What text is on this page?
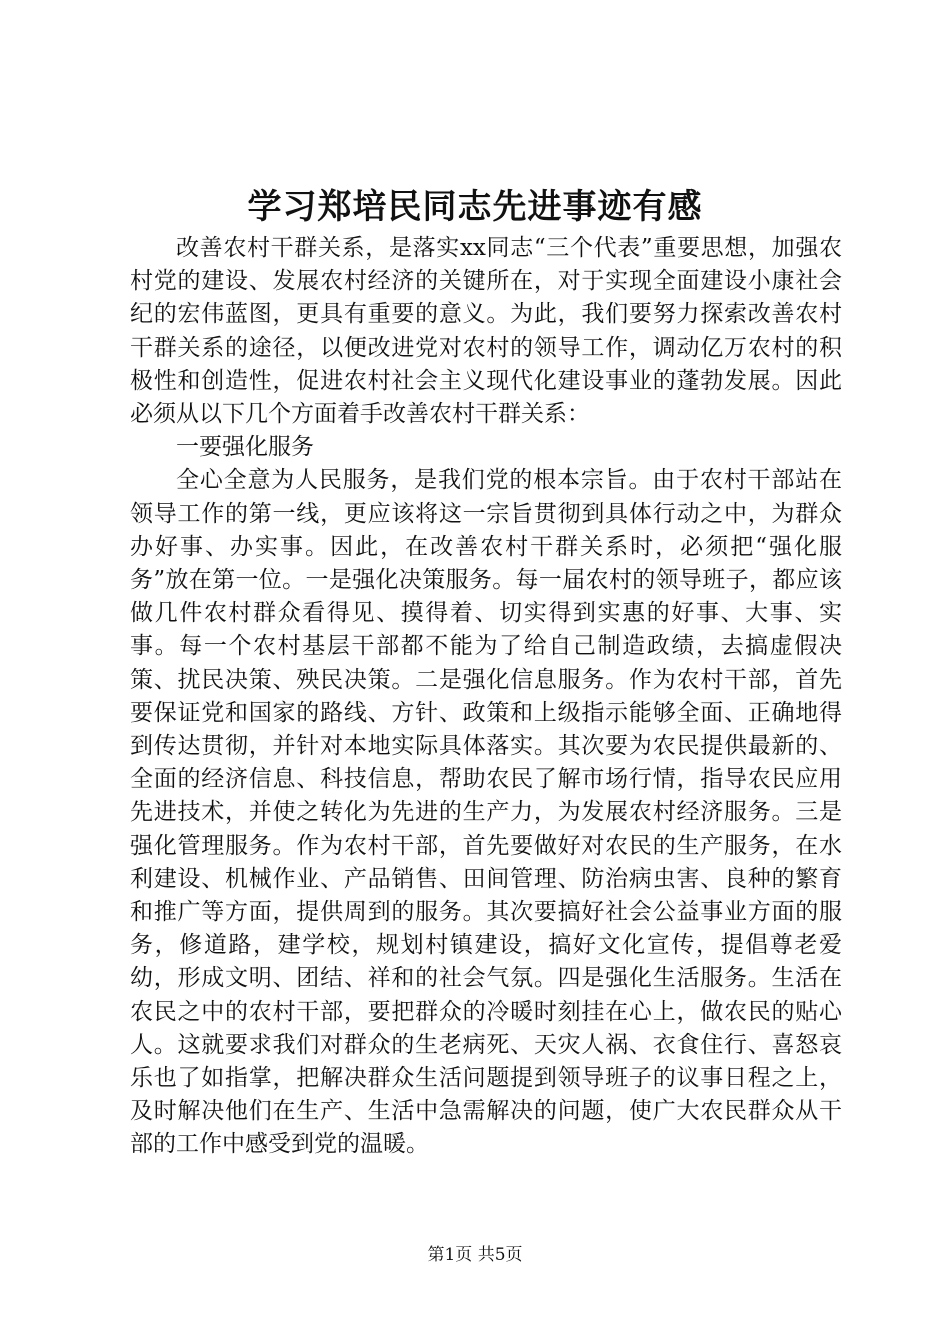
学习郑培民同志先进事迹有感

改善农村干群关系，是落实xx同志“三个代表”重要思想，加强农村党的建设、发展农村经济的关键所在，对于实现全面建设小康社会纪的宏伟蓝图，更具有重要的意义。为此，我们要努力探索改善农村干群关系的途径，以便改进党对农村的领导工作，调动亿万农村的积极性和创造性，促进农村社会主义现代化建设事业的蓬勃发展。因此必须从以下几个方面着手改善农村干群关系：

一要强化服务

全心全意为人民服务，是我们党的根本宗旨。由于农村干部站在领导工作的第一线，更应该将这一宗旨贯彻到具体行动之中，为群众办好事、办实事。因此，在改善农村干群关系时，必须把“强化服务”放在第一位。一是强化决策服务。每一届农村的领导班子，都应该做几件农村群众看得见、摸得着、切实得到实惠的好事、大事、实事。每一个农村基层干部都不能为了给自己制造政绩，去搞虚假决策、扰民决策、殃民决策。二是强化信息服务。作为农村干部，首先要保证党和国家的路线、方针、政策和上级指示能够全面、正确地得到传达贯彻，并针对本地实际具体落实。其次要为农民提供最新的、全面的经济信息、科技信息，帮助农民了解市场行情，指导农民应用先进技术，并使之转化为先进的生产力，为发展农村经济服务。三是强化管理服务。作为农村干部，首先要做好对农民的生产服务，在水利建设、机械作业、产品销售、田间管理、防治病虫害、良种的繁育和推广等方面，提供周到的服务。其次要搞好社会公益事业方面的服务，修道路，建学校，规划村镇建设，搞好文化宣传，提倡尊老爱幼，形成文明、团结、祥和的社会气氛。四是强化生活服务。生活在农民之中的农村干部，要把群众的冷暖时刻挂在心上，做农民的贴心人。这就要求我们对群众的生老病死、天灾人祸、衣食住行、喜怒哀乐也了如指掌，把解决群众生活问题提到领导班子的议事日程之上，及时解决他们在生产、生活中急需解决的问题，使广大农民群众从干部的工作中感受到党的温暖。

第1页 共5页
